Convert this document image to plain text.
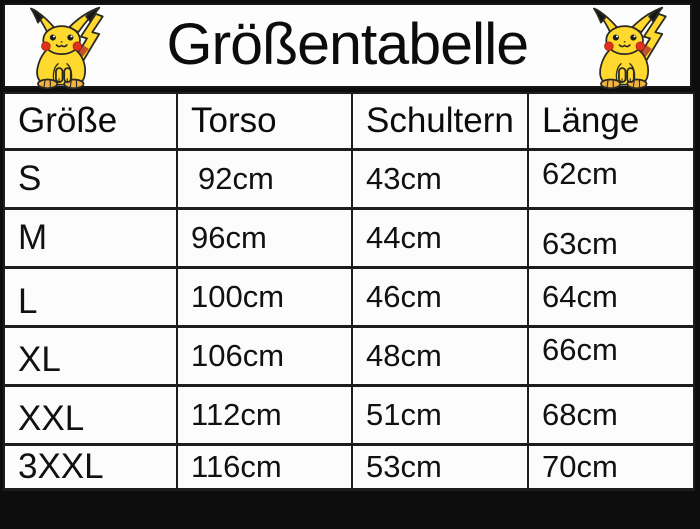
Größentabelle
Größe	Torso	Schultern	Länge
S	92cm	43cm	62cm
M	96cm	44cm	63cm
L	100cm	46cm	64cm
XL	106cm	48cm	66cm
XXL	112cm	51cm	68cm
3XXL	116cm	53cm	70cm
